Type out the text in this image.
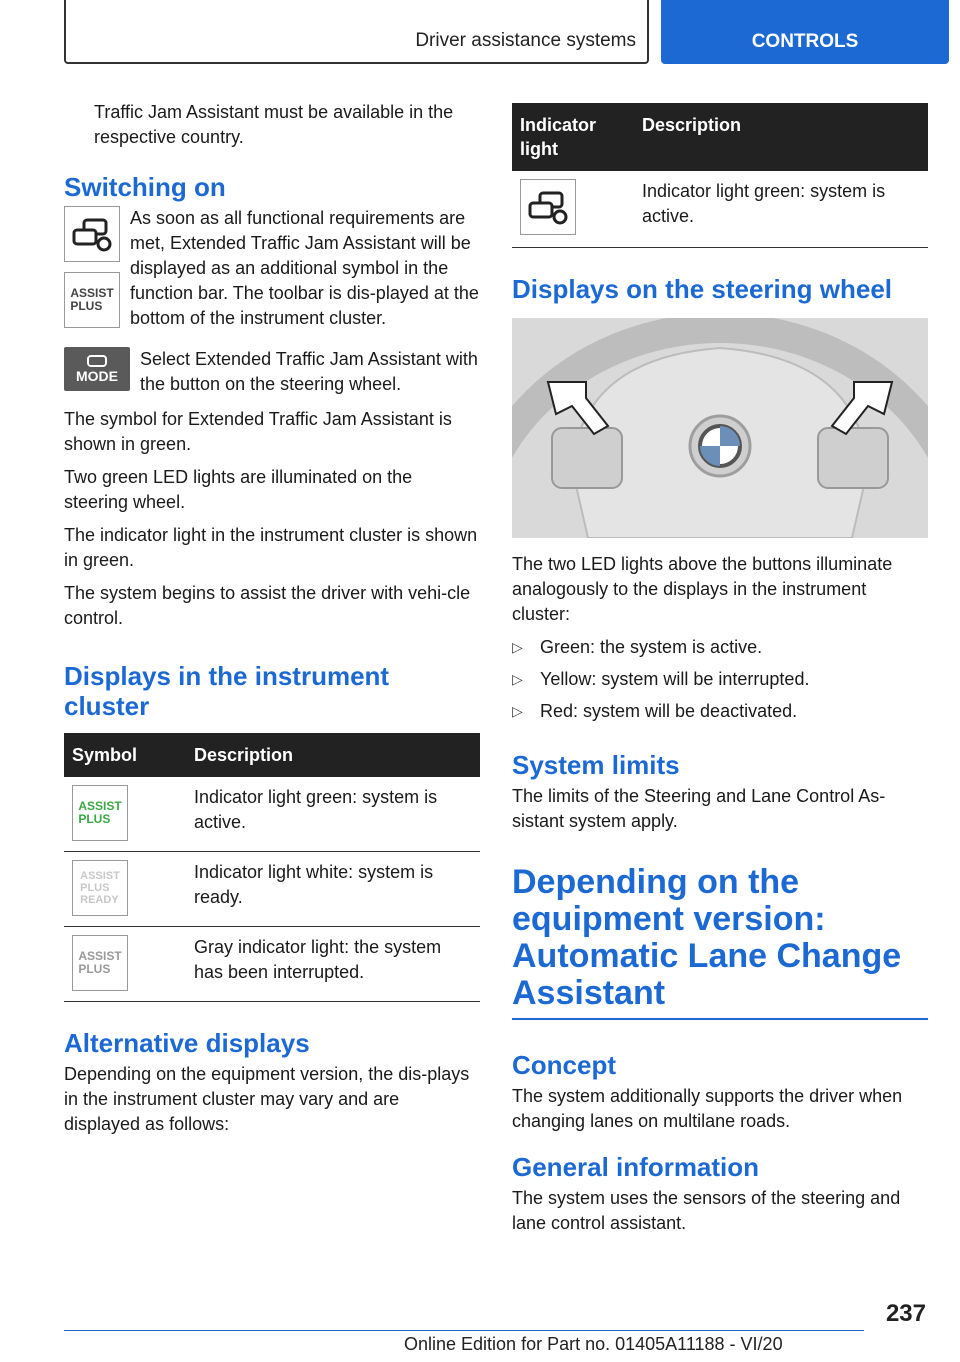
Driver assistance systems	CONTROLS

Traffic Jam Assistant must be available in the respective country.

Switching on
ASSIST
PLUS

As soon as all functional requirements are met, Extended Traffic Jam Assistant will be displayed as an additional symbol in the function bar. The toolbar is dis‐played at the bottom of the instrument cluster.

MODE

Select Extended Traffic Jam Assistant with the button on the steering wheel.

The symbol for Extended Traffic Jam Assistant is shown in green.

Two green LED lights are illuminated on the steering wheel.

The indicator light in the instrument cluster is shown in green.

The system begins to assist the driver with vehi‐cle control.

Displays in the instrument cluster
Symbol	Description

ASSIST
PLUS	Indicator light green: system is active.

ASSIST
PLUS
READY	Indicator light white: system is ready.

ASSIST
PLUS	Gray indicator light: the system has been interrupted.
Alternative displays

Depending on the equipment version, the dis‐plays in the instrument cluster may vary and are displayed as follows:

Indicator light	Description

	Indicator light green: system is active.
Displays on the steering wheel

The two LED lights above the buttons illuminate analogously to the displays in the instrument cluster:

▷ Green: the system is active.
▷ Yellow: system will be interrupted.
▷ Red: system will be deactivated.
System limits

The limits of the Steering and Lane Control As‐sistant system apply.

Depending on the equipment version: Automatic Lane Change Assistant
Concept

The system additionally supports the driver when changing lanes on multilane roads.

General information

The system uses the sensors of the steering and lane control assistant.

237
Online Edition for Part no. 01405A11188 - VI/20
